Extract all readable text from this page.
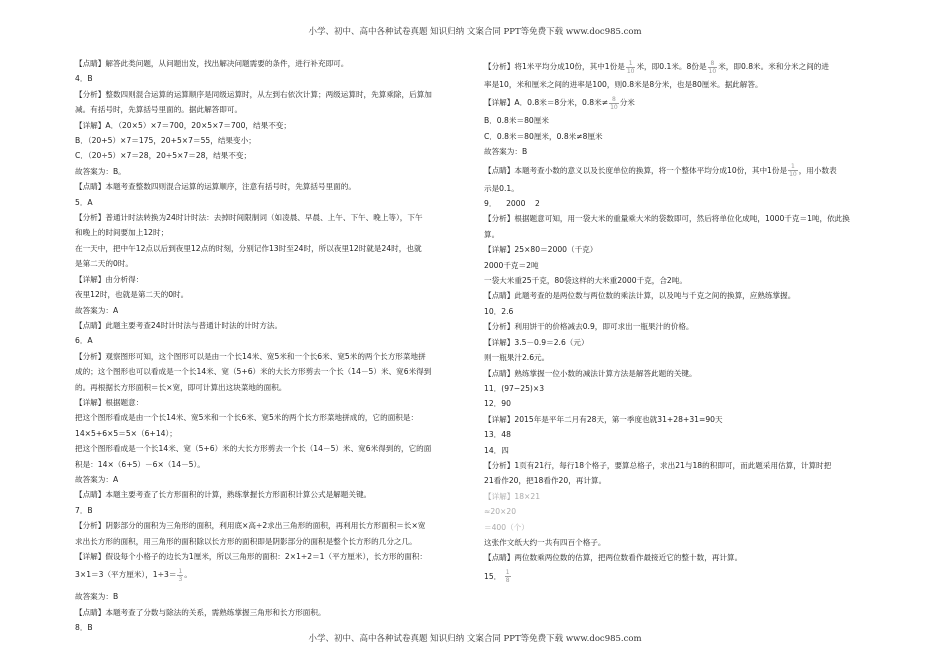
小学、初中、高中各种试卷真题 知识归纳 文案合同 PPT等免费下载 www.doc985.com
【点睛】解答此类问题，从问题出发，找出解决问题需要的条件，进行补充即可。
4．B
【分析】整数四则混合运算的运算顺序是同级运算时，从左到右依次计算；两级运算时，先算乘除，后算加
减。有括号时，先算括号里面的。据此解答即可。
【详解】A．（20×5）×7＝700，20×5×7＝700，结果不变；
B．（20+5）×7＝175，20+5×7＝55，结果变小；
C．（20÷5）×7＝28，20÷5×7＝28，结果不变；
故答案为：B。
【点睛】本题考查整数四则混合运算的运算顺序，注意有括号时，先算括号里面的。
5．A
【分析】普通计时法转换为24时计时法：去掉时间限制词（如凌晨、早晨、上午、下午、晚上等），下午
和晚上的时间要加上12时；
在一天中，把中午12点以后到夜里12点的时刻，分别记作13时至24时，所以夜里12时就是24时，也就
是第二天的0时。
【详解】由分析得：
夜里12时，也就是第二天的0时。
故答案为：A
【点睛】此题主要考查24时计时法与普通计时法的计时方法。
6．A
【分析】观察图形可知，这个图形可以是由一个长14米、宽5米和一个长6米、宽5米的两个长方形菜地拼
成的；这个图形也可以看成是一个长14米、宽（5+6）米的大长方形剪去一个长（14－5）米、宽6米得到
的。再根据长方形面积＝长×宽，即可计算出这块菜地的面积。
【详解】根据题意：
把这个图形看成是由一个长14米、宽5米和一个长6米、宽5米的两个长方形菜地拼成的，它的面积是：
14×5+6×5＝5×（6+14）；
把这个图形看成是一个长14米、宽（5+6）米的大长方形剪去一个长（14－5）米、宽6米得到的，它的面
积是：14×（6+5）－6×（14－5）。
故答案为：A
【点睛】本题主要考查了长方形面积的计算，熟练掌握长方形面积计算公式是解题关键。
7．B
【分析】阴影部分的面积为三角形的面积，利用底×高÷2求出三角形的面积，再利用长方形面积＝长×宽
求出长方形的面积，用三角形的面积除以长方形的面积即是阴影部分的面积是整个长方形的几分之几。
【详解】假设每个小格子的边长为1厘米，所以三角形的面积：2×1÷2＝1（平方厘米），长方形的面积：
3×1＝3（平方厘米），$1\div 3= \frac{1}{3}$ 。
故答案为：B
【点睛】本题考查了分数与除法的关系，需熟练掌握三角形和长方形面积。
8．B
【分析】将1米平均分成10份，其中1份是 $\frac{1}{10}$ 米，即0.1米。8份是 $\frac{8}{10}$ 米，即0.8米。米和分米之间的进
率是10，米和厘米之间的进率是100，则0.8米是8分米，也是80厘米。据此解答。
【详解】A．0.8米＝8分米，0.8米≠ $\frac{8}{10}$ 分米
B．0.8米＝80厘米
C．0.8米＝80厘米，0.8米≠8厘米
故答案为：B
【点睛】本题考查小数的意义以及长度单位的换算，将一个整体平均分成10份，其中1份是 $\frac{1}{10}$ ，用小数表
示是0.1。
9．    2000    2
【分析】根据题意可知，用一袋大米的重量乘大米的袋数即可，然后将单位化成吨，1000千克＝1吨，依此换
算。
【详解】25×80＝2000（千克）
2000千克＝2吨
一袋大米重25千克，80袋这样的大米重2000千克，合2吨。
【点睛】此题考查的是两位数与两位数的乘法计算，以及吨与千克之间的换算，应熟练掌握。
10．2.6
【分析】利用饼干的价格减去0.9，即可求出一瓶果汁的价格。
【详解】3.5－0.9＝2.6（元）
则一瓶果汁2.6元。
【点睛】熟练掌握一位小数的减法计算方法是解答此题的关键。
11．(97−25)×3
12．90
【详解】2015年是平年二月有28天，第一季度也就31+28+31=90天
13．48
14．四
【分析】1页有21行，每行18个格子，要算总格子，求出21与18的积即可，而此题采用估算，计算时把
21看作20，把18看作20，再计算。
【详解】18×21
≈20×20
＝400（个）
这张作文纸大约一共有四百个格子。
【点睛】两位数乘两位数的估算，把两位数看作最接近它的整十数，再计算。
15． $\frac{1}{8}$
小学、初中、高中各种试卷真题 知识归纳 文案合同 PPT等免费下载 www.doc985.com
